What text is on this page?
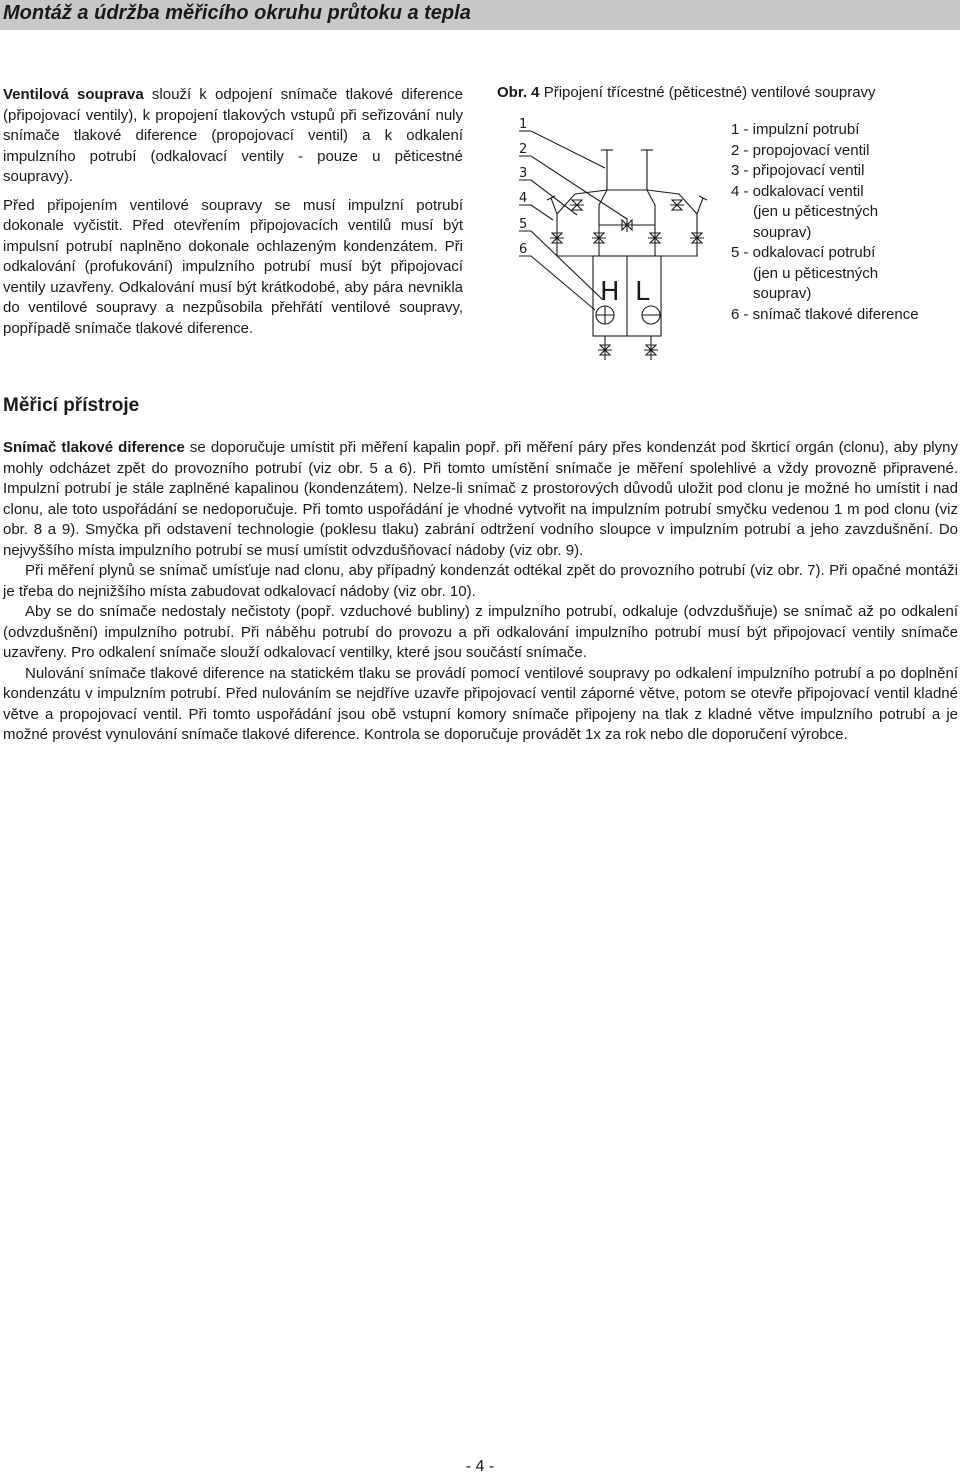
Montáž a údržba měřicího okruhu průtoku a tepla

Ventilová souprava slouží k odpojení snímače tlakové diference (připojovací ventily), k propojení tlakových vstupů při seřizování nuly snímače tlakové diference (propojovací ventil) a k odkalení impulzního potrubí (odkalovací ventily - pouze u pěticestné soupravy).

Před připojením ventilové soupravy se musí impulzní potrubí dokonale vyčistit. Před otevřením připojovacích ventilů musí být impulsní potrubí naplněno dokonale ochlazeným kondenzátem. Při odkalování (profukování) impulzního potrubí musí být připojovací ventily uzavřeny. Odkalování musí být krátkodobé, aby pára nevnikla do ventilové soupravy a nezpůsobila přehřátí ventilové soupravy, popřípadě snímače tlakové diference.

Obr. 4 Připojení třícestné (pěticestné) ventilové soupravy
1
2
3
4
5
6
H L
1 - impulzní potrubí
2 - propojovací ventil
3 - připojovací ventil
4 - odkalovací ventil
(jen u pěticestných
souprav)
5 - odkalovací potrubí
(jen u pěticestných
souprav)
6 - snímač tlakové diference
Měřicí přístroje

Snímač tlakové diference se doporučuje umístit při měření kapalin popř. při měření páry přes kondenzát pod škrticí orgán (clonu), aby plyny mohly odcházet zpět do provozního potrubí (viz obr. 5 a 6). Při tomto umístění snímače je měření spolehlivé a vždy provozně připravené. Impulzní potrubí je stále zaplněné kapalinou (kondenzátem). Nelze-li snímač z prostorových důvodů uložit pod clonu je možné ho umístit i nad clonu, ale toto uspořádání se nedoporučuje. Při tomto uspořádání je vhodné vytvořit na impulzním potrubí smyčku vedenou 1 m pod clonu (viz obr. 8 a 9). Smyčka při odstavení technologie (poklesu tlaku) zabrání odtržení vodního sloupce v impulzním potrubí a jeho zavzdušnění. Do nejvyššího místa impulzního potrubí se musí umístit odvzdušňovací nádoby (viz obr. 9).

Při měření plynů se snímač umísťuje nad clonu, aby případný kondenzát odtékal zpět do provozního potrubí (viz obr. 7). Při opačné montáži je třeba do nejnižšího místa zabudovat odkalovací nádoby (viz obr. 10).

Aby se do snímače nedostaly nečistoty (popř. vzduchové bubliny) z impulzního potrubí, odkaluje (odvzdušňuje) se snímač až po odkalení (odvzdušnění) impulzního potrubí. Při náběhu potrubí do provozu a při odkalování impulzního potrubí musí být připojovací ventily snímače uzavřeny. Pro odkalení snímače slouží odkalovací ventilky, které jsou součástí snímače.

Nulování snímače tlakové diference na statickém tlaku se provádí pomocí ventilové soupravy po odkalení impulzního potrubí a po doplnění kondenzátu v impulzním potrubí. Před nulováním se nejdříve uzavře připojovací ventil záporné větve, potom se otevře připojovací ventil kladné větve a propojovací ventil. Při tomto uspořádání jsou obě vstupní komory snímače připojeny na tlak z kladné větve impulzního potrubí a je možné provést vynulování snímače tlakové diference. Kontrola se doporučuje provádět 1x za rok nebo dle doporučení výrobce.

- 4 -
